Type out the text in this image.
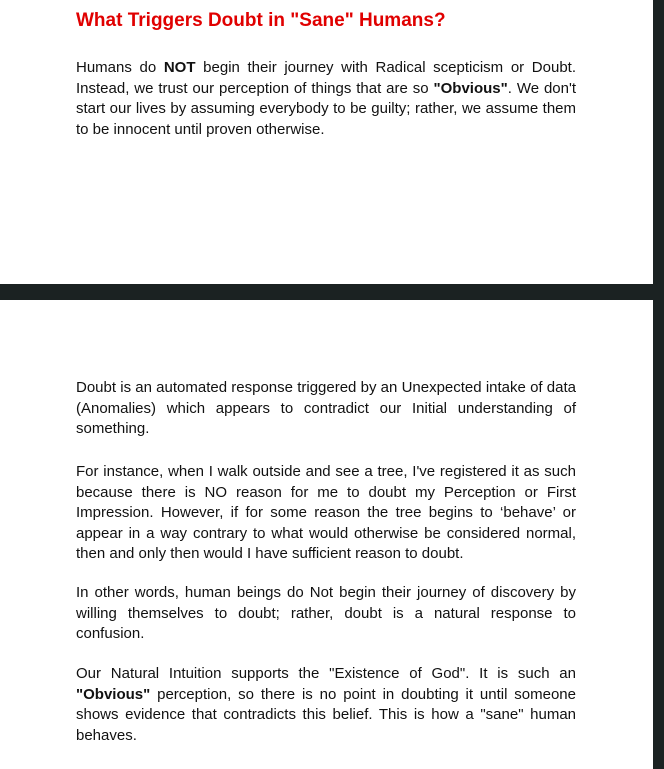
What Triggers Doubt in "Sane" Humans?

Humans do NOT begin their journey with Radical scepticism or Doubt. Instead, we trust our perception of things that are so "Obvious". We don't start our lives by assuming everybody to be guilty; rather, we assume them to be innocent until proven otherwise.

Doubt is an automated response triggered by an Unexpected intake of data (Anomalies) which appears to contradict our Initial understanding of something.

For instance, when I walk outside and see a tree, I've registered it as such because there is NO reason for me to doubt my Perception or First Impression. However, if for some reason the tree begins to ‘behave’ or appear in a way contrary to what would otherwise be considered normal, then and only then would I have sufficient reason to doubt.

In other words, human beings do Not begin their journey of discovery by willing themselves to doubt; rather, doubt is a natural response to confusion.

Our Natural Intuition supports the "Existence of God". It is such an "Obvious" perception, so there is no point in doubting it until someone shows evidence that contradicts this belief. This is how a "sane" human behaves.
